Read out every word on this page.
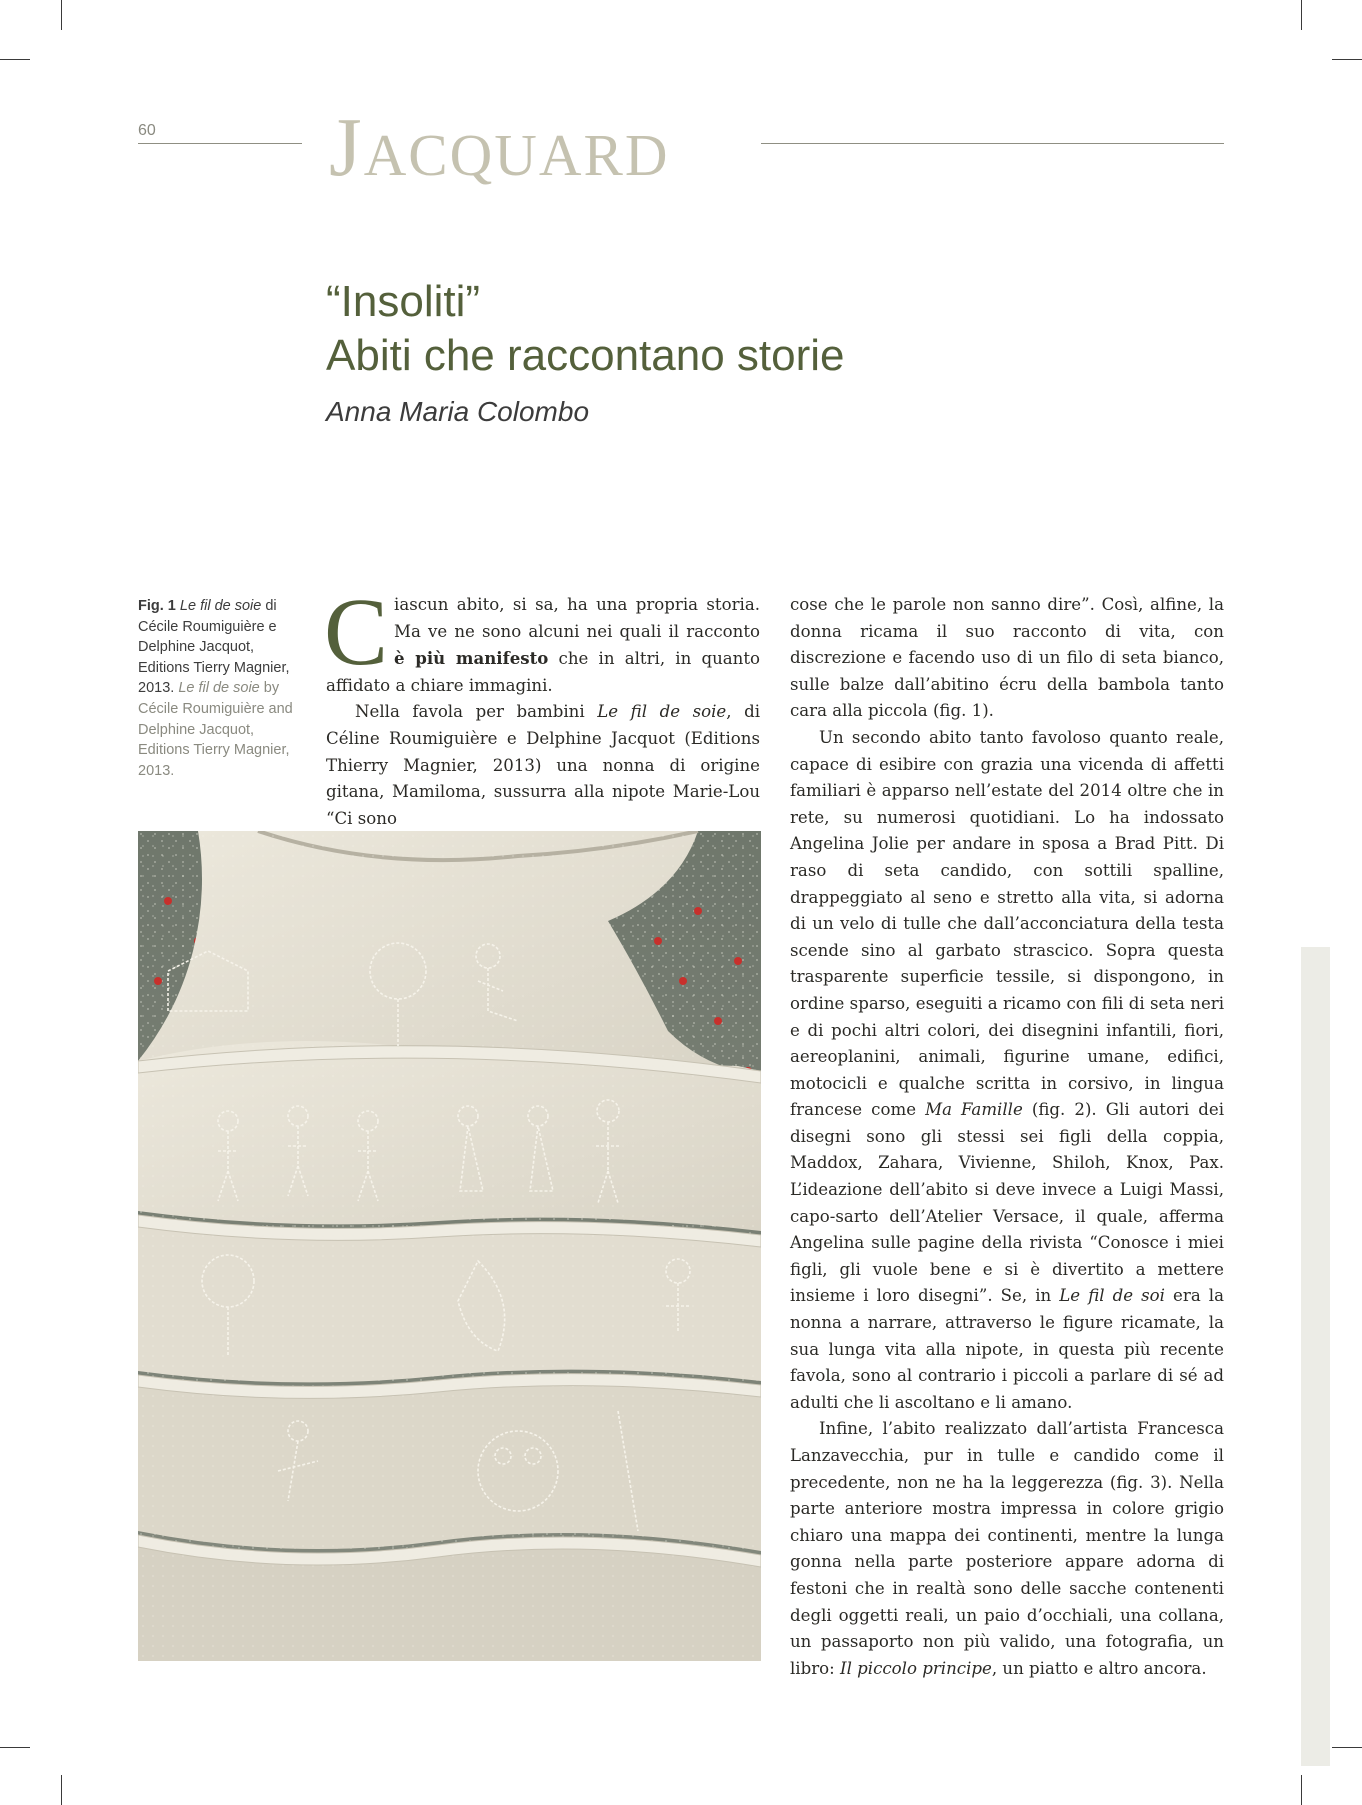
60 Jacquard
“Insoliti”
Abiti che raccontano storie
Anna Maria Colombo
Fig. 1 Le fil de soie di Cécile Roumiguière e Delphine Jacquot, Editions Tierry Magnier, 2013. Le fil de soie by Cécile Roumiguière and Delphine Jacquot, Editions Tierry Magnier, 2013.

Ciascun abito, si sa, ha una propria storia. Ma ve ne sono alcuni nei quali il racconto è più manifesto che in altri, in quanto affidato a chiare immagini.

Nella favola per bambini Le fil de soie, di Céline Roumiguière e Delphine Jacquot (Editions Thierry Magnier, 2013) una nonna di origine gitana, Mamiloma, sussurra alla nipote Marie-Lou “Ci sono

cose che le parole non sanno dire”. Così, alfine, la donna ricama il suo racconto di vita, con discrezione e facendo uso di un filo di seta bianco, sulle balze dall’abitino écru della bambola tanto cara alla piccola (fig. 1).

Un secondo abito tanto favoloso quanto reale, capace di esibire con grazia una vicenda di affetti familiari è apparso nell’estate del 2014 oltre che in rete, su numerosi quotidiani. Lo ha indossato Angelina Jolie per andare in sposa a Brad Pitt. Di raso di seta candido, con sottili spalline, drappeggiato al seno e stretto alla vita, si adorna di un velo di tulle che dall’acconciatura della testa scende sino al garbato strascico. Sopra questa trasparente superficie tessile, si dispongono, in ordine sparso, eseguiti a ricamo con fili di seta neri e di pochi altri colori, dei disegnini infantili, fiori, aereoplanini, animali, figurine umane, edifici, motocicli e qualche scritta in corsivo, in lingua francese come Ma Famille (fig. 2). Gli autori dei disegni sono gli stessi sei figli della coppia, Maddox, Zahara, Vivienne, Shiloh, Knox, Pax. L’ideazione dell’abito si deve invece a Luigi Massi, capo-sarto dell’Atelier Versace, il quale, afferma Angelina sulle pagine della rivista “Conosce i miei figli, gli vuole bene e si è divertito a mettere insieme i loro disegni”. Se, in Le fil de soi era la nonna a narrare, attraverso le figure ricamate, la sua lunga vita alla nipote, in questa più recente favola, sono al contrario i piccoli a parlare di sé ad adulti che li ascoltano e li amano.

Infine, l’abito realizzato dall’artista Francesca Lanzavecchia, pur in tulle e candido come il precedente, non ne ha la leggerezza (fig. 3). Nella parte anteriore mostra impressa in colore grigio chiaro una mappa dei continenti, mentre la lunga gonna nella parte posteriore appare adorna di festoni che in realtà sono delle sacche contenenti degli oggetti reali, un paio d’occhiali, una collana, un passaporto non più valido, una fotografia, un libro: Il piccolo principe, un piatto e altro ancora.
